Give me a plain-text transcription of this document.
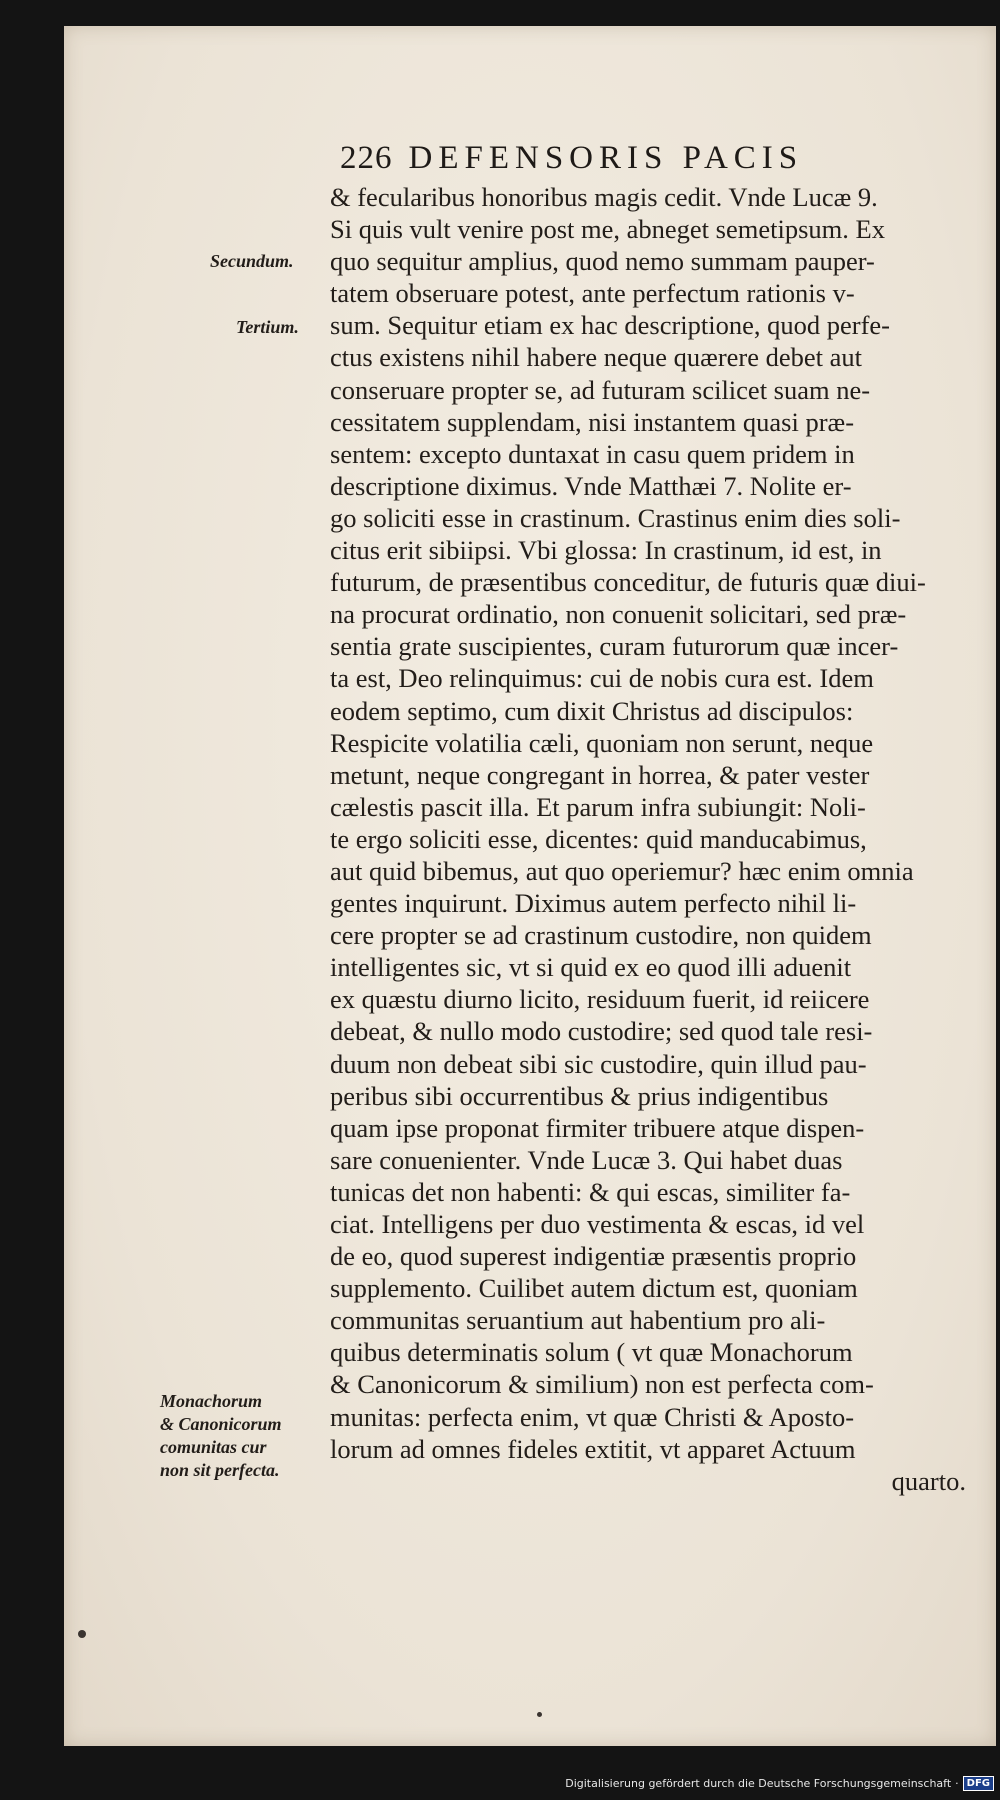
226 DEFENSORIS PACIS
Secundum.
Tertium.
Monachorum
& Canonicorum
comunitas cur
non sit perfecta.
& fecularibus honoribus magis cedit. Vnde Lucæ 9.
Si quis vult venire post me, abneget semetipsum. Ex
quo sequitur amplius, quod nemo summam pauper-
tatem obseruare potest, ante perfectum rationis v-
sum. Sequitur etiam ex hac descriptione, quod perfe-
ctus existens nihil habere neque quærere debet aut
conseruare propter se, ad futuram scilicet suam ne-
cessitatem supplendam, nisi instantem quasi præ-
sentem: excepto duntaxat in casu quem pridem in
descriptione diximus. Vnde Matthæi 7. Nolite er-
go soliciti esse in crastinum. Crastinus enim dies soli-
citus erit sibiipsi. Vbi glossa: In crastinum, id est, in
futurum, de præsentibus conceditur, de futuris quæ diui-
na procurat ordinatio, non conuenit solicitari, sed præ-
sentia grate suscipientes, curam futurorum quæ incer-
ta est, Deo relinquimus: cui de nobis cura est. Idem
eodem septimo, cum dixit Christus ad discipulos:
Respicite volatilia cæli, quoniam non serunt, neque
metunt, neque congregant in horrea, & pater vester
cælestis pascit illa. Et parum infra subiungit: Noli-
te ergo soliciti esse, dicentes: quid manducabimus,
aut quid bibemus, aut quo operiemur? hæc enim omnia
gentes inquirunt. Diximus autem perfecto nihil li-
cere propter se ad crastinum custodire, non quidem
intelligentes sic, vt si quid ex eo quod illi aduenit
ex quæstu diurno licito, residuum fuerit, id reiicere
debeat, & nullo modo custodire; sed quod tale resi-
duum non debeat sibi sic custodire, quin illud pau-
peribus sibi occurrentibus & prius indigentibus
quam ipse proponat firmiter tribuere atque dispen-
sare conuenienter. Vnde Lucæ 3. Qui habet duas
tunicas det non habenti: & qui escas, similiter fa-
ciat. Intelligens per duo vestimenta & escas, id vel
de eo, quod superest indigentiæ præsentis proprio
supplemento. Cuilibet autem dictum est, quoniam
communitas seruantium aut habentium pro ali-
quibus determinatis solum ( vt quæ Monachorum
& Canonicorum & similium) non est perfecta com-
munitas: perfecta enim, vt quæ Christi & Aposto-
lorum ad omnes fideles extitit, vt apparet Actuum
quarto.
Digitalisierung gefördert durch die Deutsche Forschungsgemeinschaft · DFG
